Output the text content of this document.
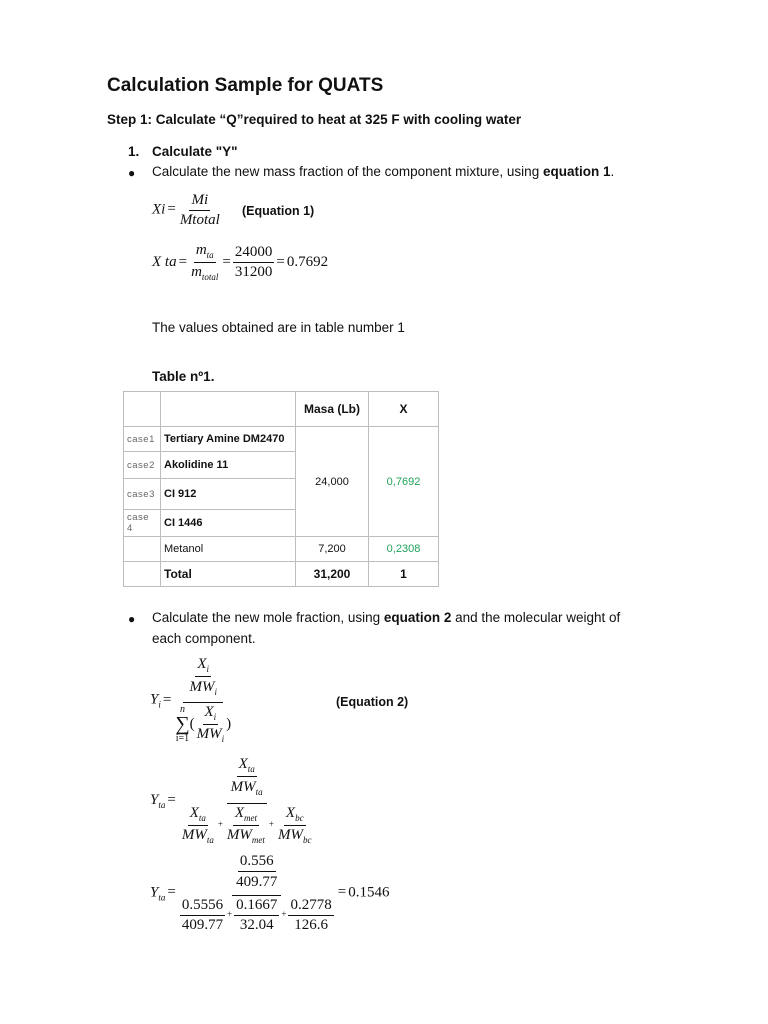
Calculation Sample for QUATS
Step 1: Calculate “Q”required to heat at 325 F with cooling water
1. Calculate "Y"
● Calculate the new mass fraction of the component mixture, using equation 1.
$Xi = \frac{Mi}{\text{Mtotal}}$ (Equation 1)
X ta = $\frac{m_{ta}}{m_{total}} = \frac{24000}{31200} = 0.7692$
The values obtained are in table number 1
Table nº1.
		Masa (Lb)	X
case1	Tertiary Amine DM2470	24,000	0,7692
case2	Akolidine 11		
case3	CI 912		
case 4	CI 1446		
	Metanol	7,200	0,2308
	Total	31,200	1
● Calculate the new mole fraction, using equation 2 and the molecular weight of
each component.
$Y_i = \frac{X_i}{MW_i}$
n
∑
i=1
( $\frac{X_i}{MW_i}$ )	(Equation 2)
$Y_{ta} = \frac{\frac{X_{ta}}{MW_{ta}}}{\frac{X_{ta}}{MW_{ta}} + \frac{X_{met}}{MW_{met}} + \frac{X_{bc}}{MW_{bc}}}$
$Y_{ta} = \frac{\frac{0.556}{409.77}}{\frac{0.5556}{409.77} + \frac{0.1667}{32.04} + \frac{0.2778}{126.6}} = 0.1546$
